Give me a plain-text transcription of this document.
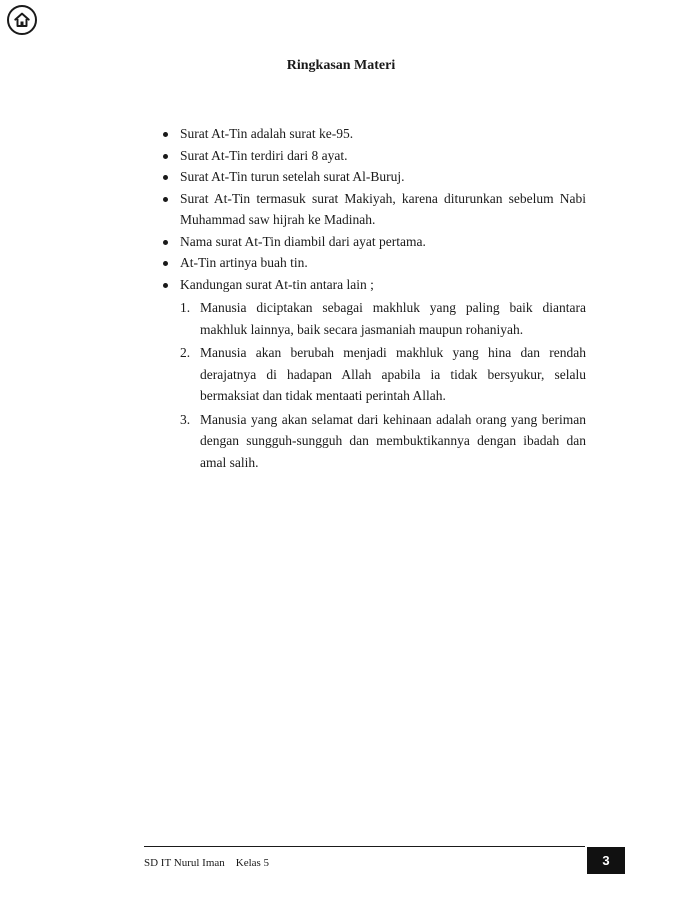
Ringkasan Materi
Surat At-Tin adalah surat ke-95.
Surat At-Tin terdiri dari 8 ayat.
Surat At-Tin turun setelah surat Al-Buruj.
Surat At-Tin termasuk surat Makiyah, karena diturunkan sebelum Nabi Muhammad saw hijrah ke Madinah.
Nama surat At-Tin diambil dari ayat pertama.
At-Tin artinya buah tin.
Kandungan surat At-tin antara lain ;
1. Manusia diciptakan sebagai makhluk yang paling baik diantara makhluk lainnya, baik secara jasmaniah maupun rohaniyah.
2. Manusia akan berubah menjadi makhluk yang hina dan rendah derajatnya di hadapan Allah apabila ia tidak bersyukur, selalu bermaksiat dan tidak mentaati perintah Allah.
3. Manusia yang akan selamat dari kehinaan adalah orang yang beriman dengan sungguh-sungguh dan membuktikannya dengan ibadah dan amal salih.
SD IT Nurul Iman Kelas 5	3
